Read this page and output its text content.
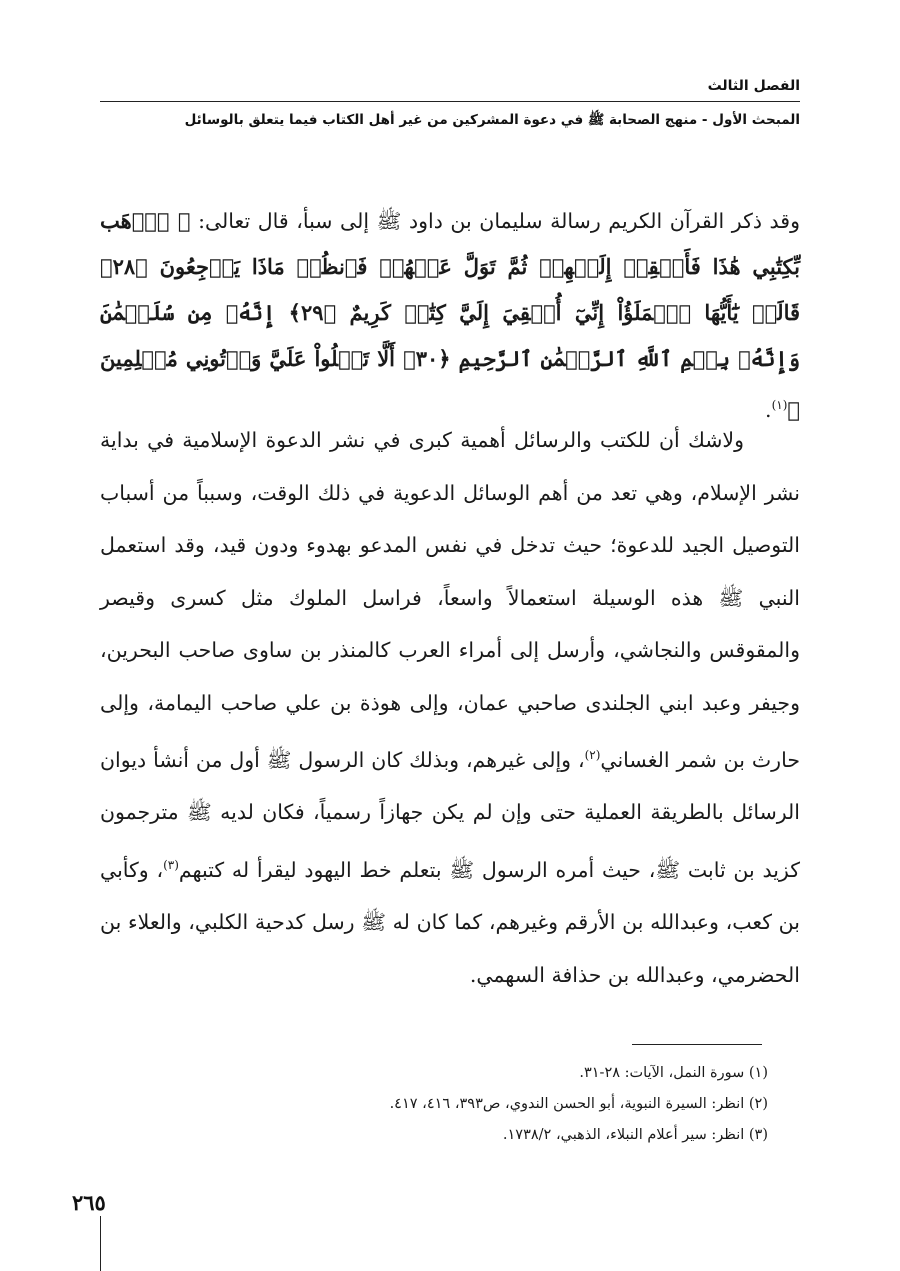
الفصل الثالث
المبحث الأول - منهج الصحابة ﷺ في دعوة المشركين من غير أهل الكتاب فيما يتعلق بالوسائل
وقد ذكر القرآن الكريم رسالة سليمان بن داود ﷺ إلى سبأ، قال تعالى: ﴿ ٱذۡهَب بِّكِتَٰبِي هَٰذَا فَأَلۡقِهۡ إِلَيۡهِمۡ ثُمَّ تَوَلَّ عَنۡهُمۡ فَٱنظُرۡ مَاذَا يَرۡجِعُونَ ﴿٢٨﴾ قَالَتۡ يَٰٓأَيُّهَا ٱلۡمَلَؤُاْ إِنِّيٓ أُلۡقِيَ إِلَيَّ كِتَٰبٞ كَرِيمٌ ﴿٢٩﴾ إِنَّهُۥ مِن سُلَيۡمَٰنَ وَإِنَّهُۥ بِسۡمِ ٱللَّهِ ٱلرَّحۡمَٰنِ ٱلرَّحِيمِ ﴿٣٠﴾ أَلَّا تَعۡلُواْ عَلَيَّ وَأۡتُونِي مُسۡلِمِينَ ﴾$^{(١)}$.
ولاشك أن للكتب والرسائل أهمية كبرى في نشر الدعوة الإسلامية في بداية نشر الإسلام، وهي تعد من أهم الوسائل الدعوية في ذلك الوقت، وسبباً من أسباب التوصيل الجيد للدعوة؛ حيث تدخل في نفس المدعو بهدوء ودون قيد، وقد استعمل النبي ﷺ هذه الوسيلة استعمالاً واسعاً، فراسل الملوك مثل كسرى وقيصر والمقوقس والنجاشي، وأرسل إلى أمراء العرب كالمنذر بن ساوى صاحب البحرين، وجيفر وعبد ابني الجلندى صاحبي عمان، وإلى هوذة بن علي صاحب اليمامة، وإلى حارث بن شمر الغساني$^{(٢)}$، وإلى غيرهم، وبذلك كان الرسول ﷺ أول من أنشأ ديوان الرسائل بالطريقة العملية حتى وإن لم يكن جهازاً رسمياً، فكان لديه ﷺ مترجمون كزيد بن ثابت ﷺ، حيث أمره الرسول ﷺ بتعلم خط اليهود ليقرأ له كتبهم$^{(٣)}$، وكأبي بن كعب، وعبدالله بن الأرقم وغيرهم، كما كان له ﷺ رسل كدحية الكلبي، والعلاء بن الحضرمي، وعبدالله بن حذافة السهمي.
(١) سورة النمل، الآيات: ٢٨-٣١.
(٢) انظر: السيرة النبوية، أبو الحسن الندوي، ص٣٩٣، ٤١٦، ٤١٧.
(٣) انظر: سير أعلام النبلاء، الذهبي، ١٧٣٨/٢.
٢٦٥
